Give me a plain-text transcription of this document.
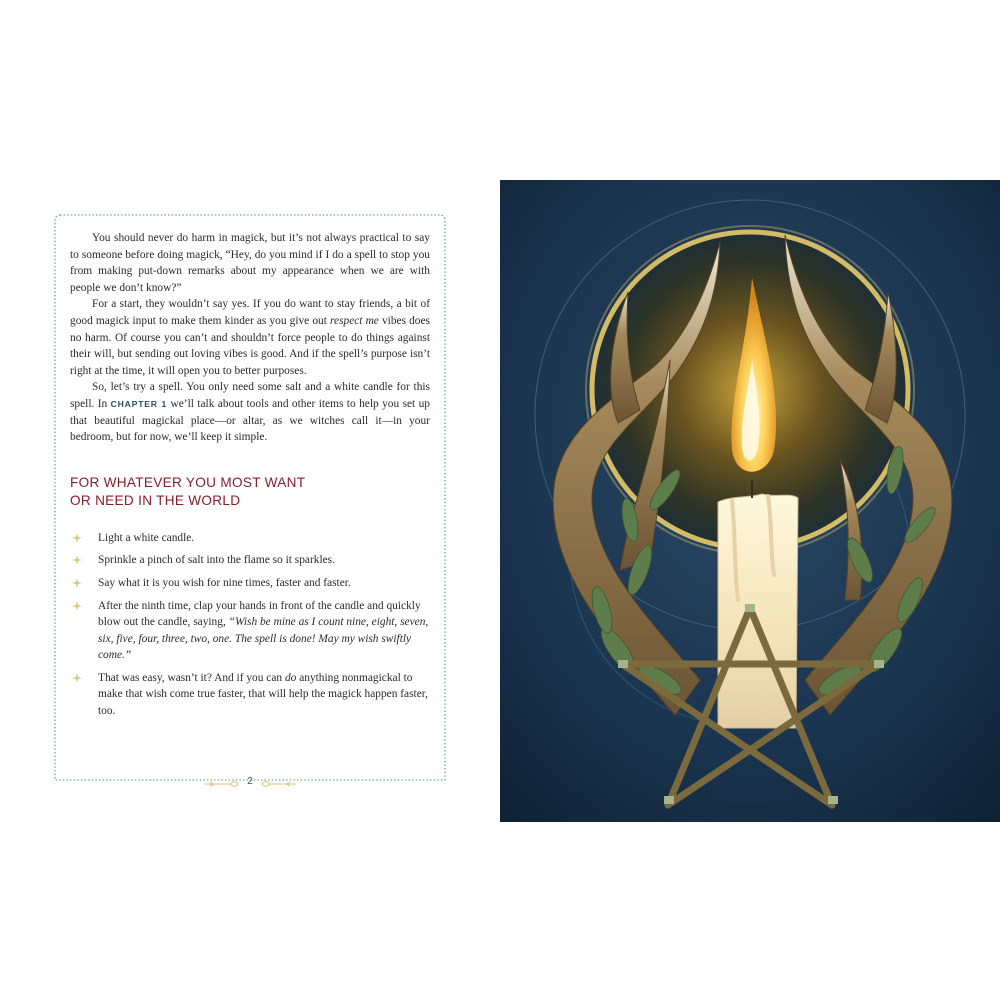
You should never do harm in magick, but it’s not always practical to say to someone before doing magick, “Hey, do you mind if I do a spell to stop you from making put-down remarks about my appearance when we are with people we don’t know?”

For a start, they wouldn’t say yes. If you do want to stay friends, a bit of good magick input to make them kinder as you give out respect me vibes does no harm. Of course you can’t and shouldn’t force people to do things against their will, but sending out loving vibes is good. And if the spell’s purpose isn’t right at the time, it will open you to better purposes.

So, let’s try a spell. You only need some salt and a white candle for this spell. In CHAPTER 1 we’ll talk about tools and other items to help you set up that beautiful magickal place—or altar, as we witches call it—in your bedroom, but for now, we’ll keep it simple.

FOR WHATEVER YOU MOST WANT
OR NEED IN THE WORLD
Light a white candle.
Sprinkle a pinch of salt into the flame so it sparkles.
Say what it is you wish for nine times, faster and faster.
After the ninth time, clap your hands in front of the candle and quickly blow out the candle, saying, “Wish be mine as I count nine, eight, seven, six, five, four, three, two, one. The spell is done! May my wish swiftly come.”
That was easy, wasn’t it? And if you can do anything nonmagickal to make that wish come true faster, that will help the magick happen faster, too.
2
